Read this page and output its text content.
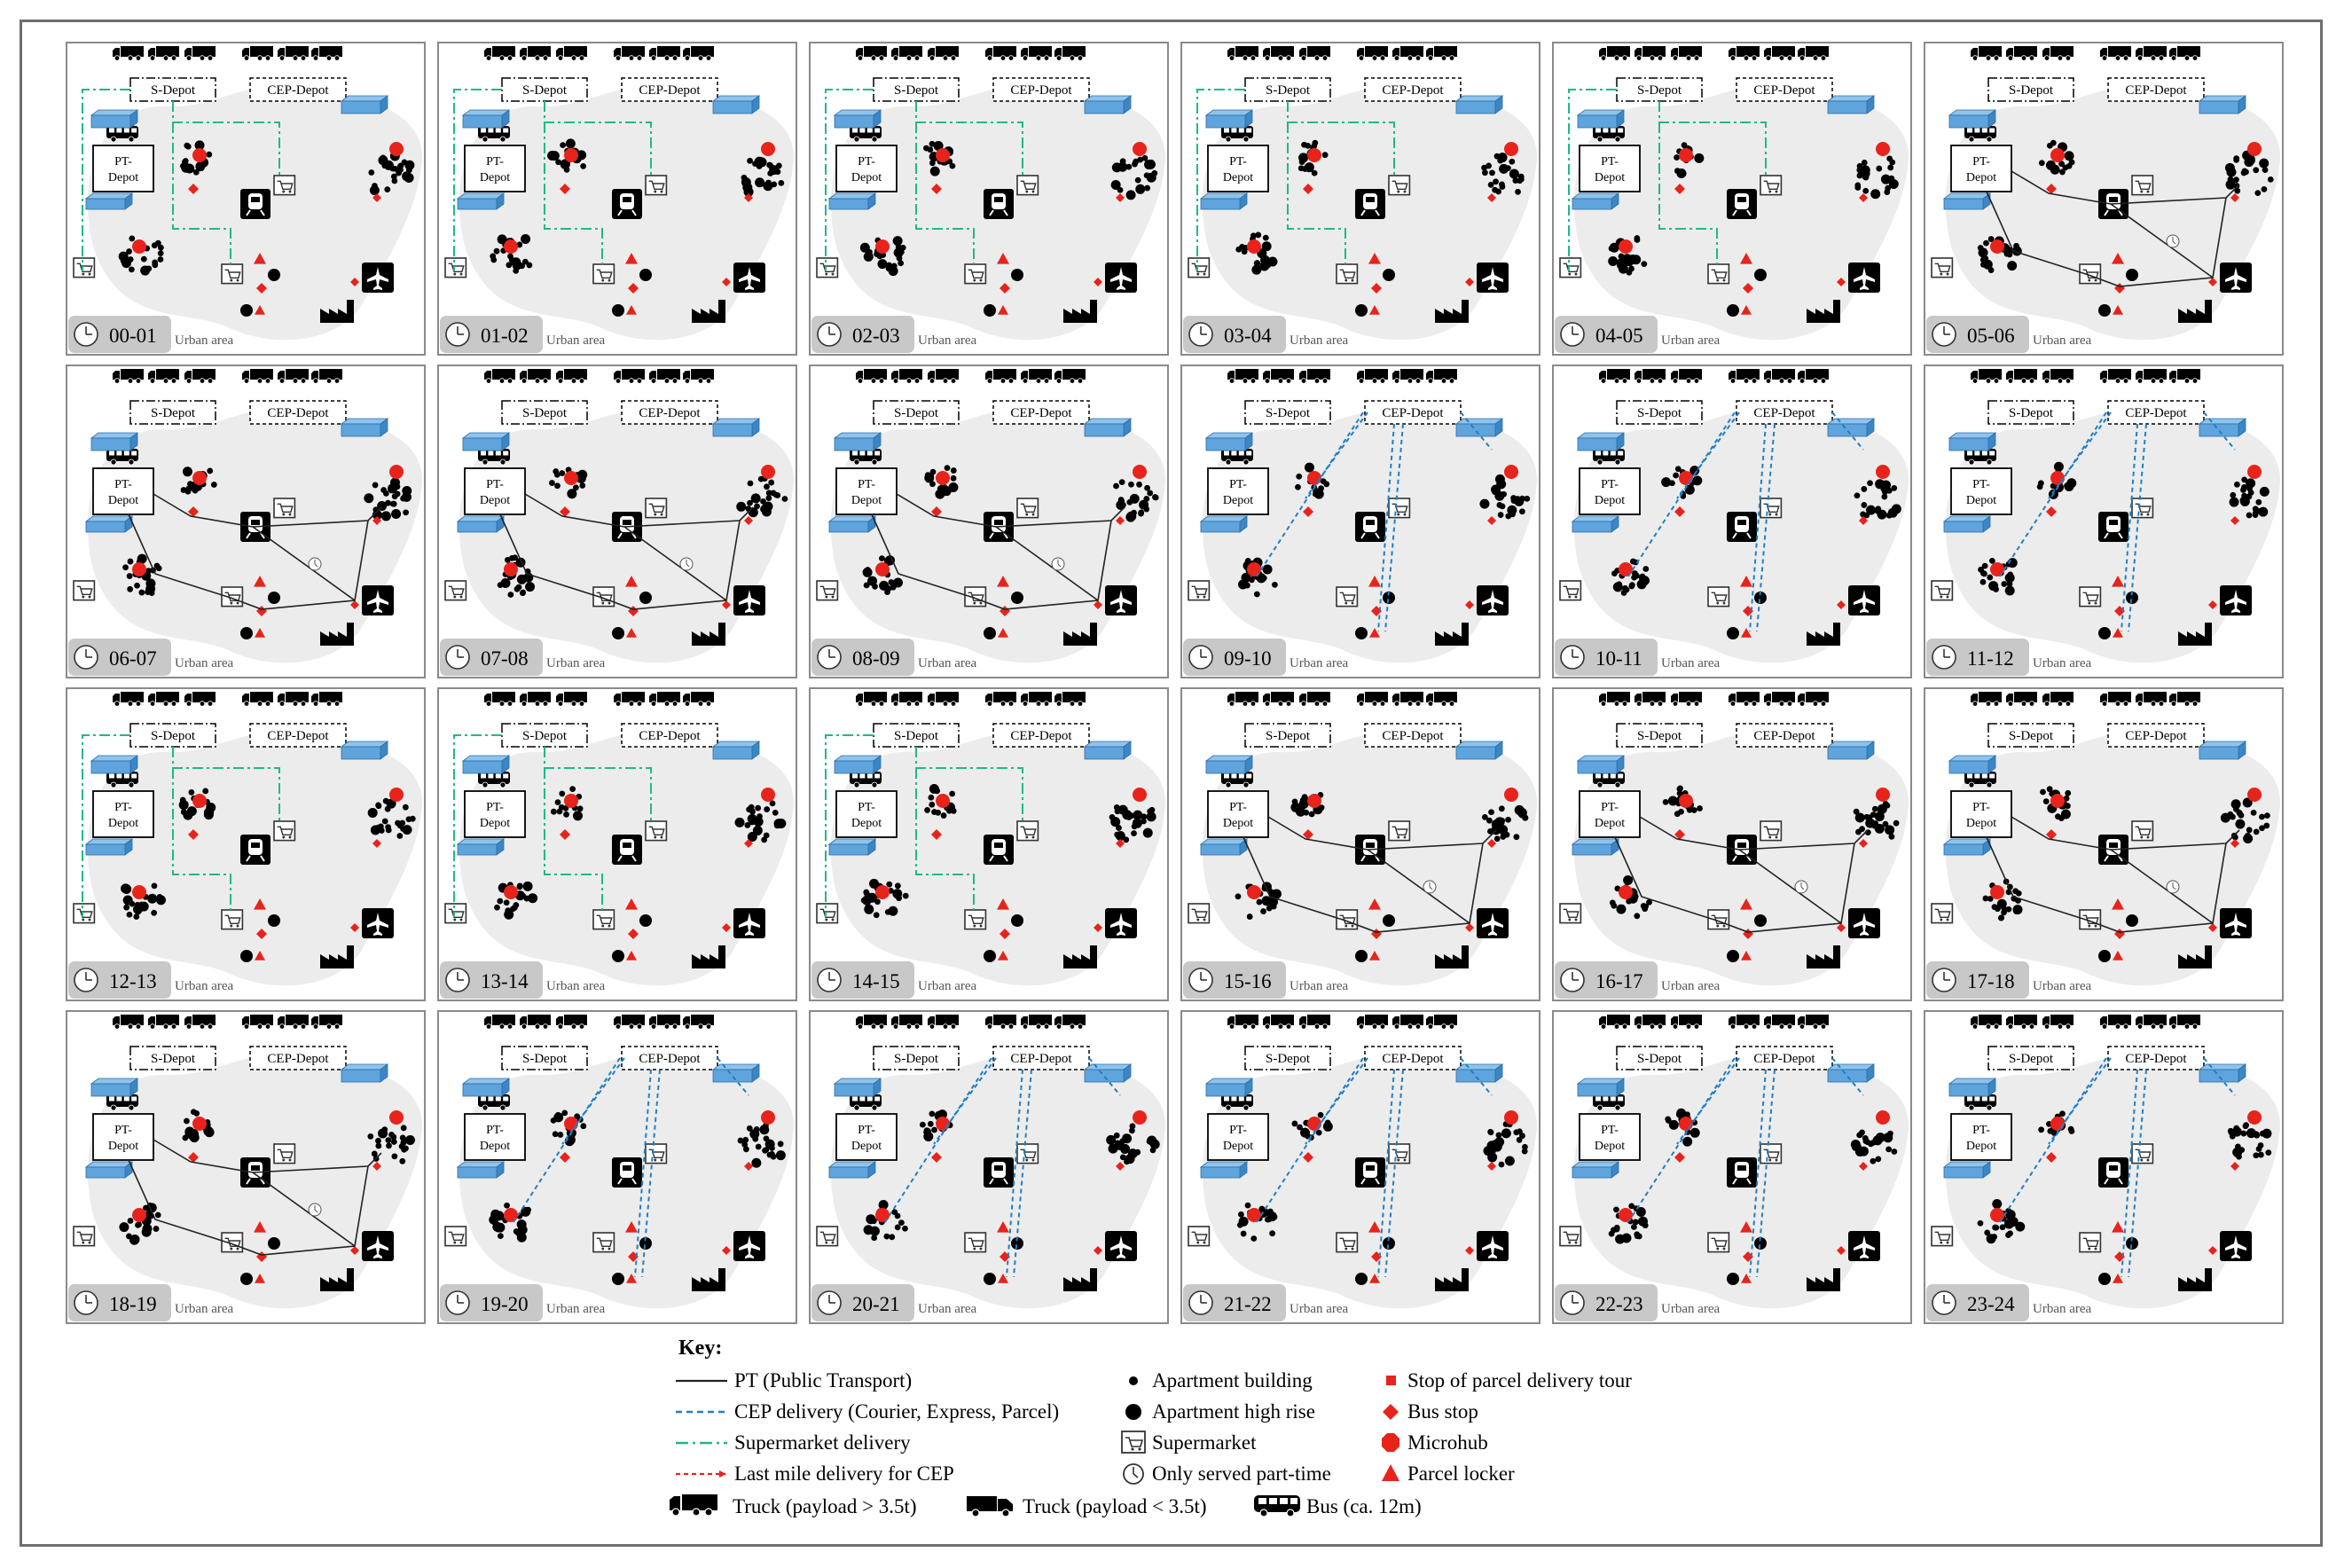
S-Depot	CEP-Depot
PT-
Depot
00-01 Urban area
S-Depot	CEP-Depot
PT-
Depot
01-02 Urban area
S-Depot	CEP-Depot
PT-
Depot
02-03 Urban area
S-Depot	CEP-Depot
PT-
Depot
03-04 Urban area
S-Depot	CEP-Depot
PT-
Depot
04-05 Urban area
S-Depot	CEP-Depot
PT-
Depot
05-06 Urban area
S-Depot	CEP-Depot
PT-
Depot
06-07 Urban area
S-Depot	CEP-Depot
PT-
Depot
07-08 Urban area
S-Depot	CEP-Depot
PT-
Depot
08-09 Urban area
S-Depot	CEP-Depot
PT-
Depot
09-10 Urban area
S-Depot	CEP-Depot
PT-
Depot
10-11 Urban area
S-Depot	CEP-Depot
PT-
Depot
11-12 Urban area
S-Depot	CEP-Depot
PT-
Depot
12-13 Urban area
S-Depot	CEP-Depot
PT-
Depot
13-14 Urban area
S-Depot	CEP-Depot
PT-
Depot
14-15 Urban area
S-Depot	CEP-Depot
PT-
Depot
15-16 Urban area
S-Depot	CEP-Depot
PT-
Depot
16-17 Urban area
S-Depot	CEP-Depot
PT-
Depot
17-18 Urban area
S-Depot	CEP-Depot
PT-
Depot
18-19 Urban area
S-Depot	CEP-Depot
PT-
Depot
19-20 Urban area
S-Depot	CEP-Depot
PT-
Depot
20-21 Urban area
S-Depot	CEP-Depot
PT-
Depot
21-22 Urban area
S-Depot	CEP-Depot
PT-
Depot
22-23 Urban area
S-Depot	CEP-Depot
PT-
Depot
23-24 Urban area
Key:
PT (Public Transport)
CEP delivery (Courier, Express, Parcel)
Supermarket delivery
Last mile delivery for CEP
Truck (payload > 3.5t)	Truck (payload < 3.5t)	Bus (ca. 12m)
Apartment building
Apartment high rise
Supermarket
Only served part-time
Stop of parcel delivery tour
Bus stop
Microhub
Parcel locker
